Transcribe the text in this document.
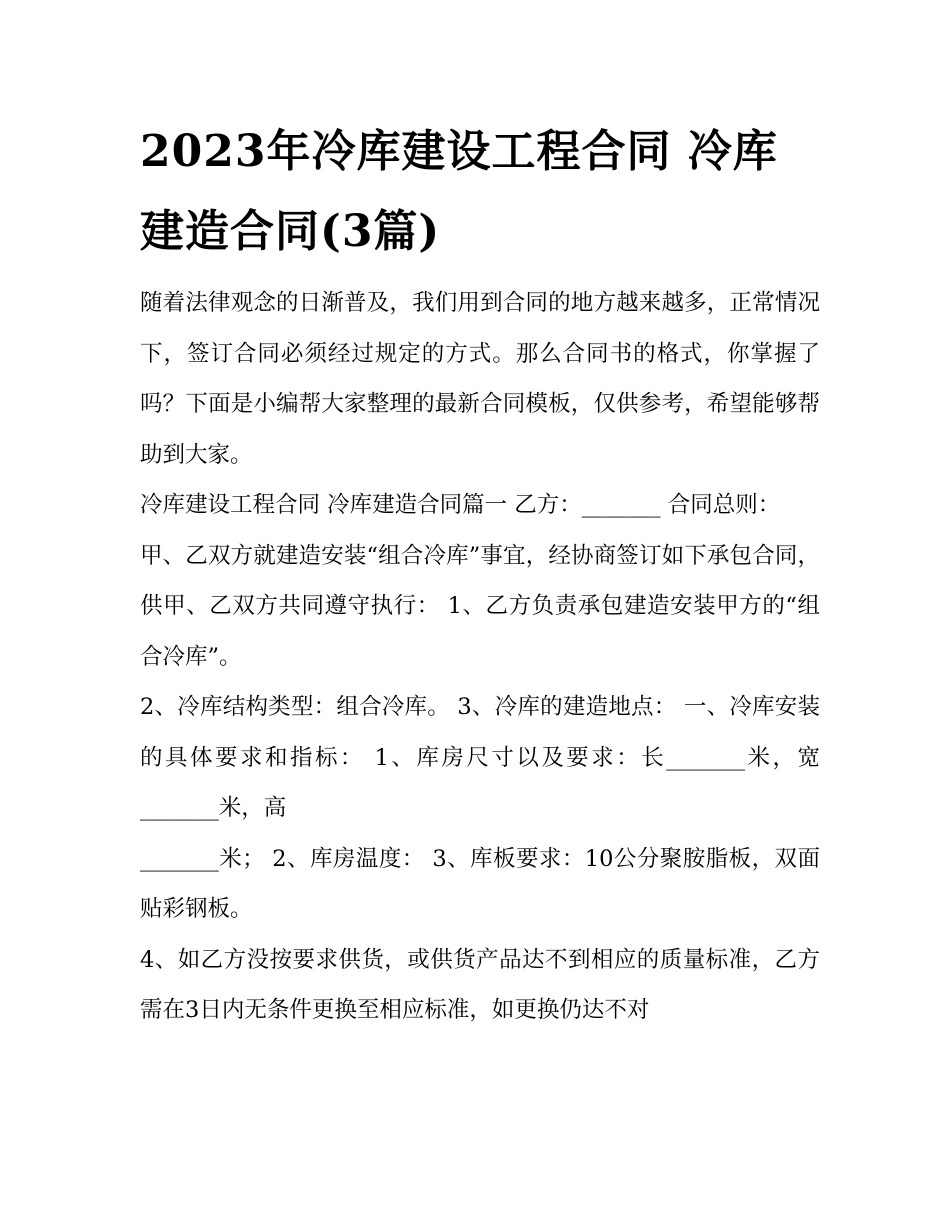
2023年冷库建设工程合同 冷库建造合同(3篇)

随着法律观念的日渐普及，我们用到合同的地方越来越多，正常情况下，签订合同必须经过规定的方式。那么合同书的格式，你掌握了吗？下面是小编帮大家整理的最新合同模板，仅供参考，希望能够帮助到大家。

冷库建设工程合同 冷库建造合同篇一 乙方：_______ 合同总则：

甲、乙双方就建造安装“组合冷库”事宜，经协商签订如下承包合同，供甲、乙双方共同遵守执行： 1、乙方负责承包建造安装甲方的“组合冷库”。

2、冷库结构类型：组合冷库。 3、冷库的建造地点： 一、冷库安装的具体要求和指标： 1、库房尺寸以及要求：长_______米，宽_______米，高

_______米； 2、库房温度： 3、库板要求：10公分聚胺脂板，双面贴彩钢板。

4、如乙方没按要求供货，或供货产品达不到相应的质量标准，乙方需在3日内无条件更换至相应标准，如更换仍达不对
